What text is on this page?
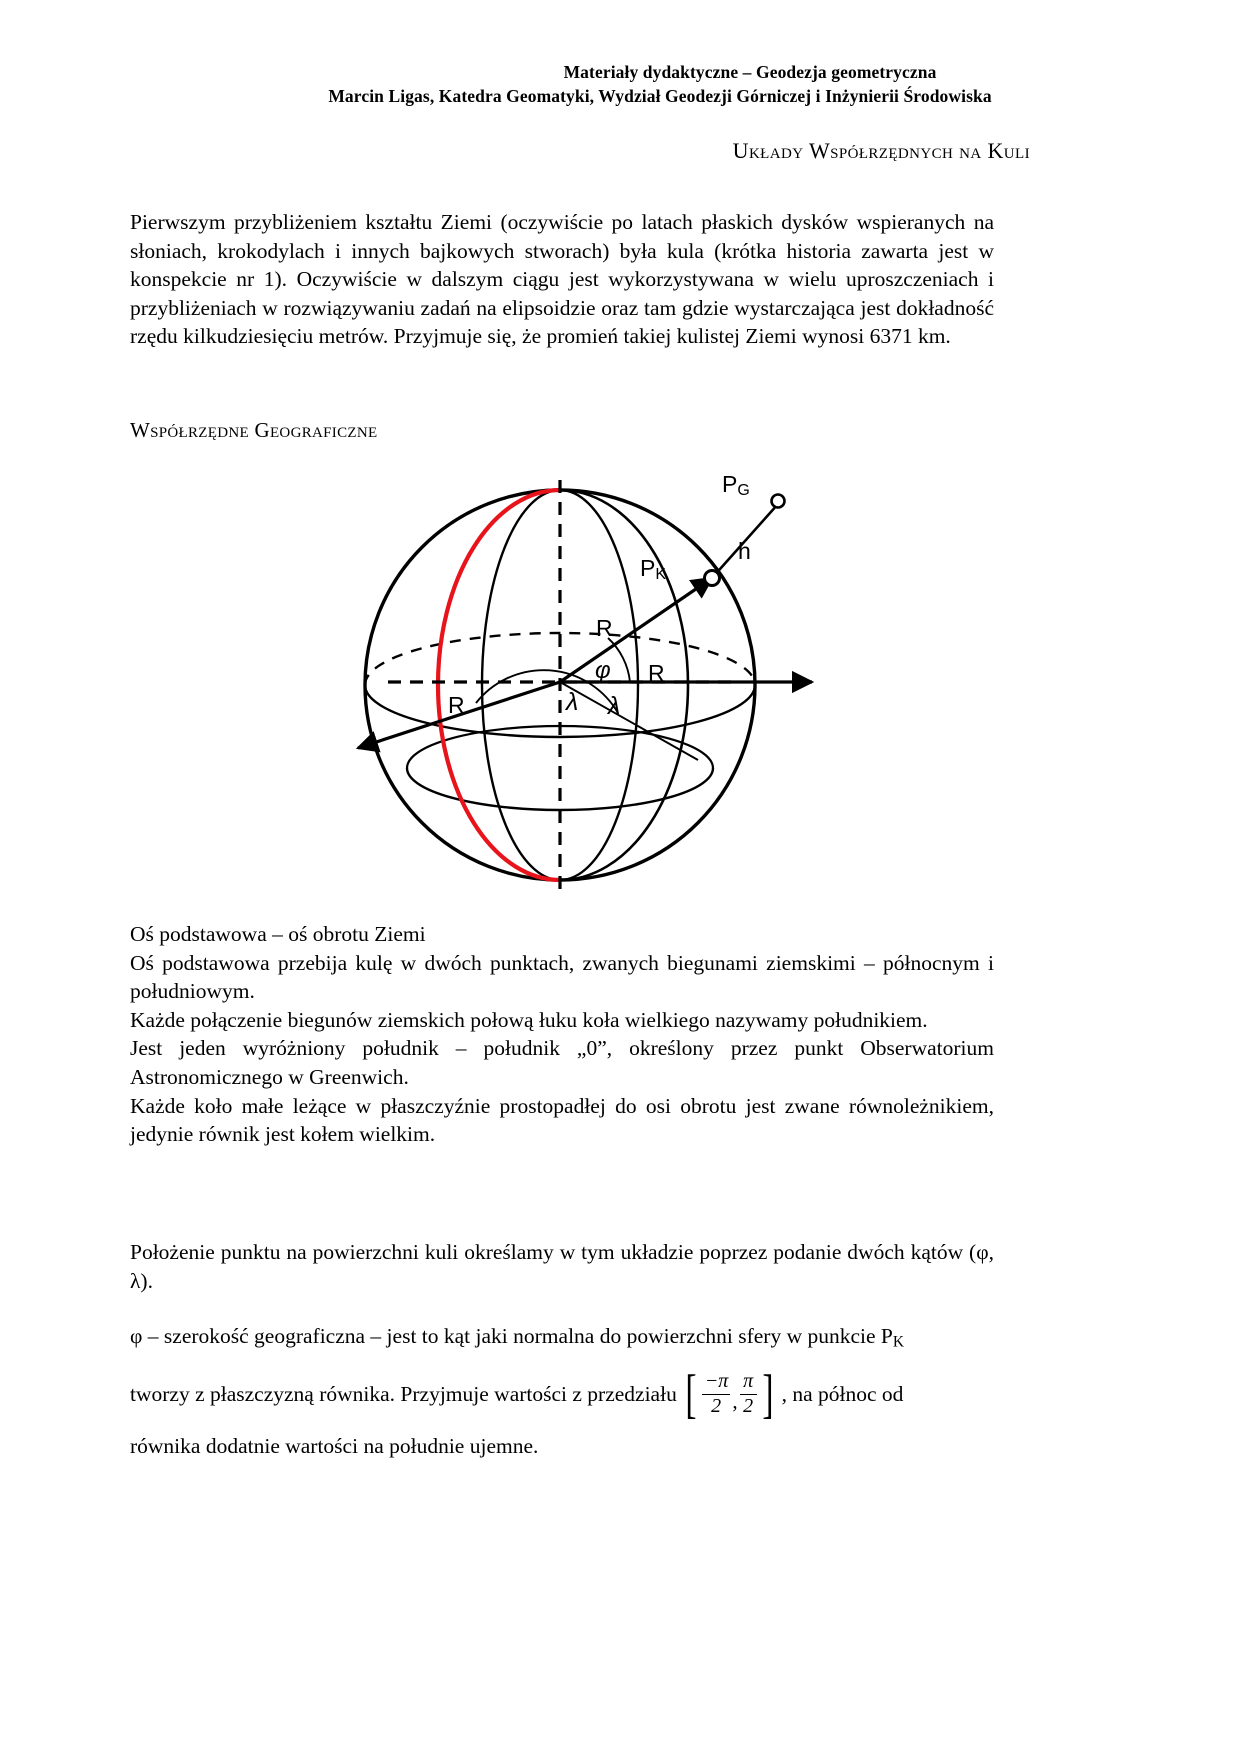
Materiały dydaktyczne – Geodezja geometryczna
Marcin Ligas, Katedra Geomatyki, Wydział Geodezji Górniczej i Inżynierii Środowiska
Układy Współrzędnych na Kuli
Pierwszym przybliżeniem kształtu Ziemi (oczywiście po latach płaskich dysków wspieranych na słoniach, krokodylach i innych bajkowych stworach) była kula (krótka historia zawarta jest w konspekcie nr 1). Oczywiście w dalszym ciągu jest wykorzystywana w wielu uproszczeniach i przybliżeniach w rozwiązywaniu zadań na elipsoidzie oraz tam gdzie wystarczająca jest dokładność rzędu kilkudziesięciu metrów. Przyjmuje się, że promień takiej kulistej Ziemi wynosi 6371 km.
Współrzędne Geograficzne
PG
PK
h
R
R
R
φ
λ λ
Oś podstawowa – oś obrotu Ziemi
Oś podstawowa przebija kulę w dwóch punktach, zwanych biegunami ziemskimi – północnym i południowym.
Każde połączenie biegunów ziemskich połową łuku koła wielkiego nazywamy południkiem.
Jest jeden wyróżniony południk – południk „0”, określony przez punkt Obserwatorium Astronomicznego w Greenwich.
Każde koło małe leżące w płaszczyźnie prostopadłej do osi obrotu jest zwane równoleżnikiem, jedynie równik jest kołem wielkim.
Położenie punktu na powierzchni kuli określamy w tym układzie poprzez podanie dwóch kątów (φ, λ).
φ – szerokość geograficzna – jest to kąt jaki normalna do powierzchni sfery w punkcie $P_K$
tworzy z płaszczyzną równika. Przyjmuje wartości z przedziału [ $\frac{-\pi}{2}$ , $\frac{\pi}{2}$ ] , na północ od
równika dodatnie wartości na południe ujemne.
